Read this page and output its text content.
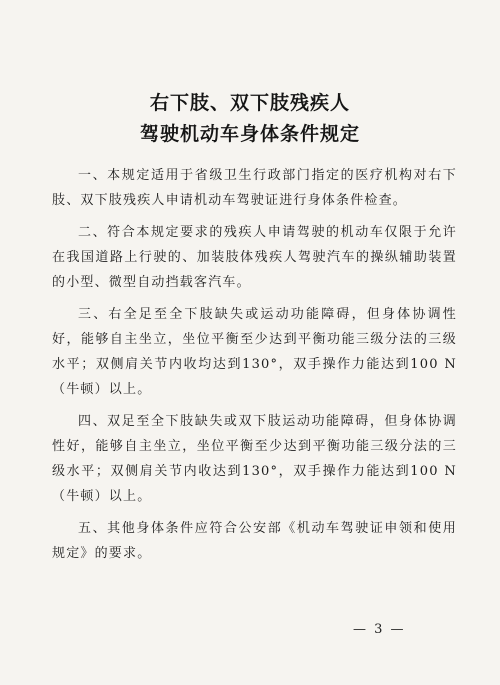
右下肢、双下肢残疾人
驾驶机动车身体条件规定

一、本规定适用于省级卫生行政部门指定的医疗机构对右下肢、双下肢残疾人申请机动车驾驶证进行身体条件检查。

二、符合本规定要求的残疾人申请驾驶的机动车仅限于允许在我国道路上行驶的、加装肢体残疾人驾驶汽车的操纵辅助装置的小型、微型自动挡载客汽车。

三、右全足至全下肢缺失或运动功能障碍，但身体协调性好，能够自主坐立，坐位平衡至少达到平衡功能三级分法的三级水平；双侧肩关节内收均达到130°，双手操作力能达到100 N（牛顿）以上。

四、双足至全下肢缺失或双下肢运动功能障碍，但身体协调性好，能够自主坐立，坐位平衡至少达到平衡功能三级分法的三级水平；双侧肩关节内收达到130°，双手操作力能达到100 N（牛顿）以上。

五、其他身体条件应符合公安部《机动车驾驶证申领和使用规定》的要求。

— 3 —
